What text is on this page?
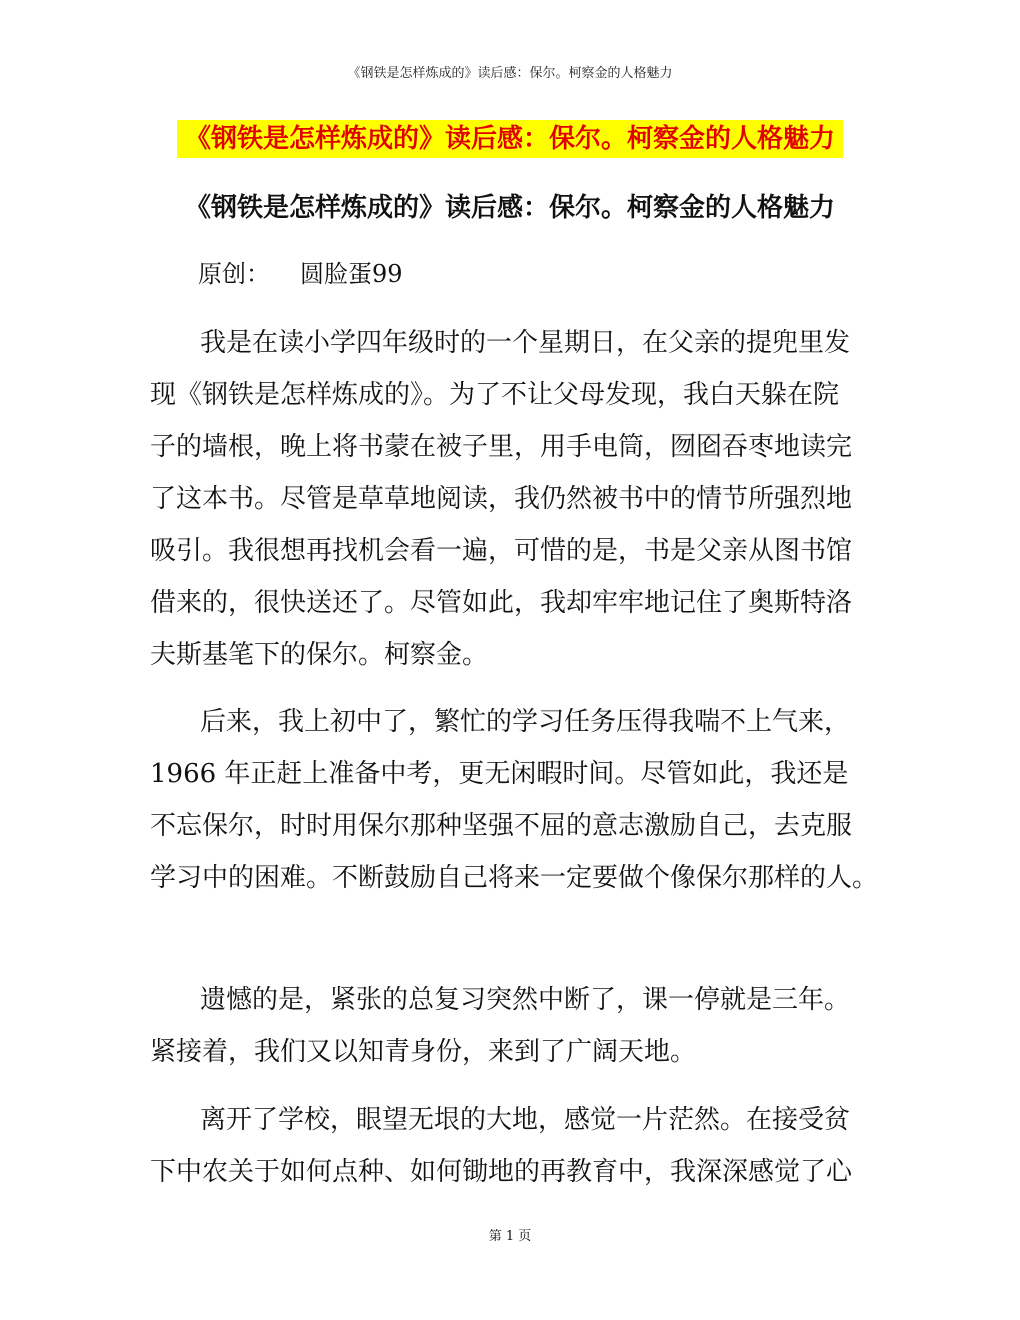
《钢铁是怎样炼成的》读后感：保尔。柯察金的人格魅力
《钢铁是怎样炼成的》读后感：保尔。柯察金的人格魅力
《钢铁是怎样炼成的》读后感：保尔。柯察金的人格魅力
原创： 圆脸蛋99
我是在读小学四年级时的一个星期日，在父亲的提兜里发
现《钢铁是怎样炼成的》。为了不让父母发现，我白天躲在院
子的墙根，晚上将书蒙在被子里，用手电筒，囫囵吞枣地读完
了这本书。尽管是草草地阅读，我仍然被书中的情节所强烈地
吸引。我很想再找机会看一遍，可惜的是，书是父亲从图书馆
借来的，很快送还了。尽管如此，我却牢牢地记住了奥斯特洛
夫斯基笔下的保尔。柯察金。
后来，我上初中了，繁忙的学习任务压得我喘不上气来，
1966 年正赶上准备中考，更无闲暇时间。尽管如此，我还是
不忘保尔，时时用保尔那种坚强不屈的意志激励自己，去克服
学习中的困难。不断鼓励自己将来一定要做个像保尔那样的人。
遗憾的是，紧张的总复习突然中断了，课一停就是三年。
紧接着，我们又以知青身份，来到了广阔天地。
离开了学校，眼望无垠的大地，感觉一片茫然。在接受贫
下中农关于如何点种、如何锄地的再教育中，我深深感觉了心
第 1 页
